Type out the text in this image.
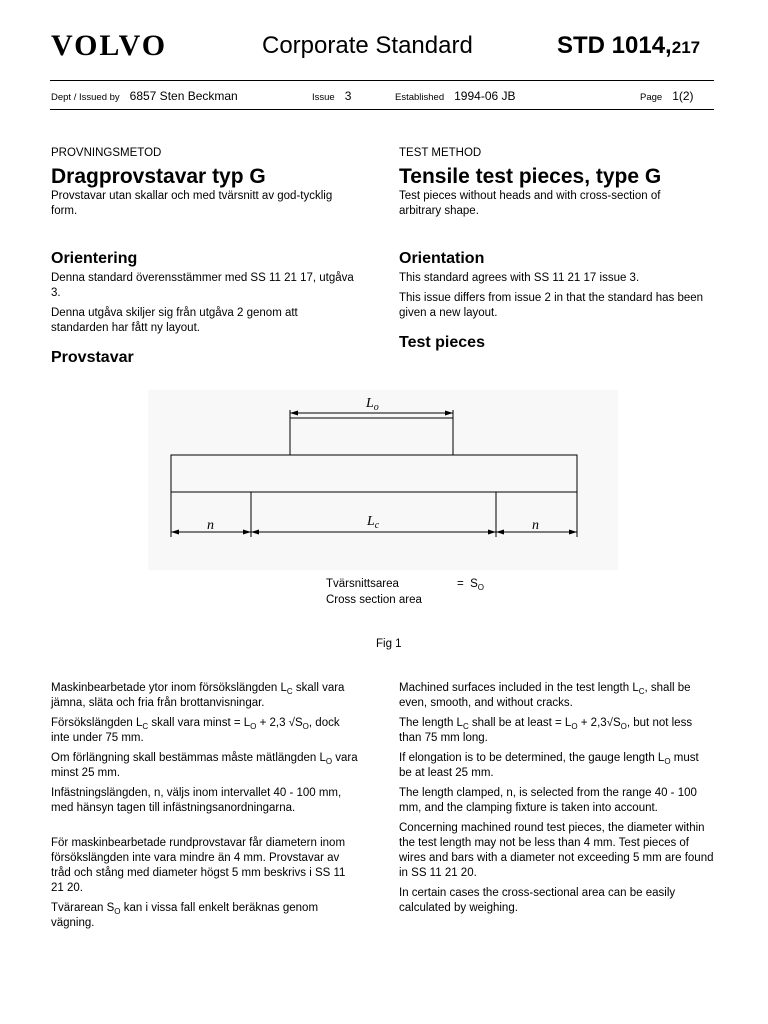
VOLVO	Corporate Standard	STD 1014,217
Dept / Issued by 6857 Sten Beckman	Issue 3	Established 1994-06 JB	Page 1(2)
PROVNINGSMETOD
Dragprovstavar typ G
Provstavar utan skallar och med tvärsnitt av god-tycklig form.
Orientering
Denna standard överensstämmer med SS 11 21 17, utgåva 3.
Denna utgåva skiljer sig från utgåva 2 genom att standarden har fått ny layout.
Provstavar
TEST METHOD
Tensile test pieces, type G
Test pieces without heads and with cross-section of arbitrary shape.
Orientation
This standard agrees with SS 11 21 17 issue 3.
This issue differs from issue 2 in that the standard has been given a new layout.
Test pieces
$L_o$
$L_c$
n	n
Tvärsnittsarea	= $S_O$
Cross section area
Fig 1
Maskinbearbetade ytor inom försökslängden $L_C$ skall vara jämna, släta och fria från brottanvisningar.
Försökslängden $L_C$ skall vara minst = $L_O + 2,3$ $√S_O$, dock inte under 75 mm.
Om förlängning skall bestämmas måste mätlängden $L_O$ vara minst 25 mm.
Infästningslängden, n, väljs inom intervallet 40 - 100 mm, med hänsyn tagen till infästningsanordningarna.
För maskinbearbetade rundprovstavar får diametern inom försökslängden inte vara mindre än 4 mm. Provstavar av tråd och stång med diameter högst 5 mm beskrivs i SS 11 21 20.
Tvärarean $S_O$ kan i vissa fall enkelt beräknas genom vägning.
Machined surfaces included in the test length $L_C$, shall be even, smooth, and without cracks.
The length $L_C$ shall be at least = $L_O + 2,3√S_O$, but not less than 75 mm long.
If elongation is to be determined, the gauge length $L_O$ must be at least 25 mm.
The length clamped, n, is selected from the range 40 - 100 mm, and the clamping fixture is taken into account.
Concerning machined round test pieces, the diameter within the test length may not be less than 4 mm. Test pieces of wires and bars with a diameter not exceeding 5 mm are found in SS 11 21 20.
In certain cases the cross-sectional area can be easily calculated by weighing.
